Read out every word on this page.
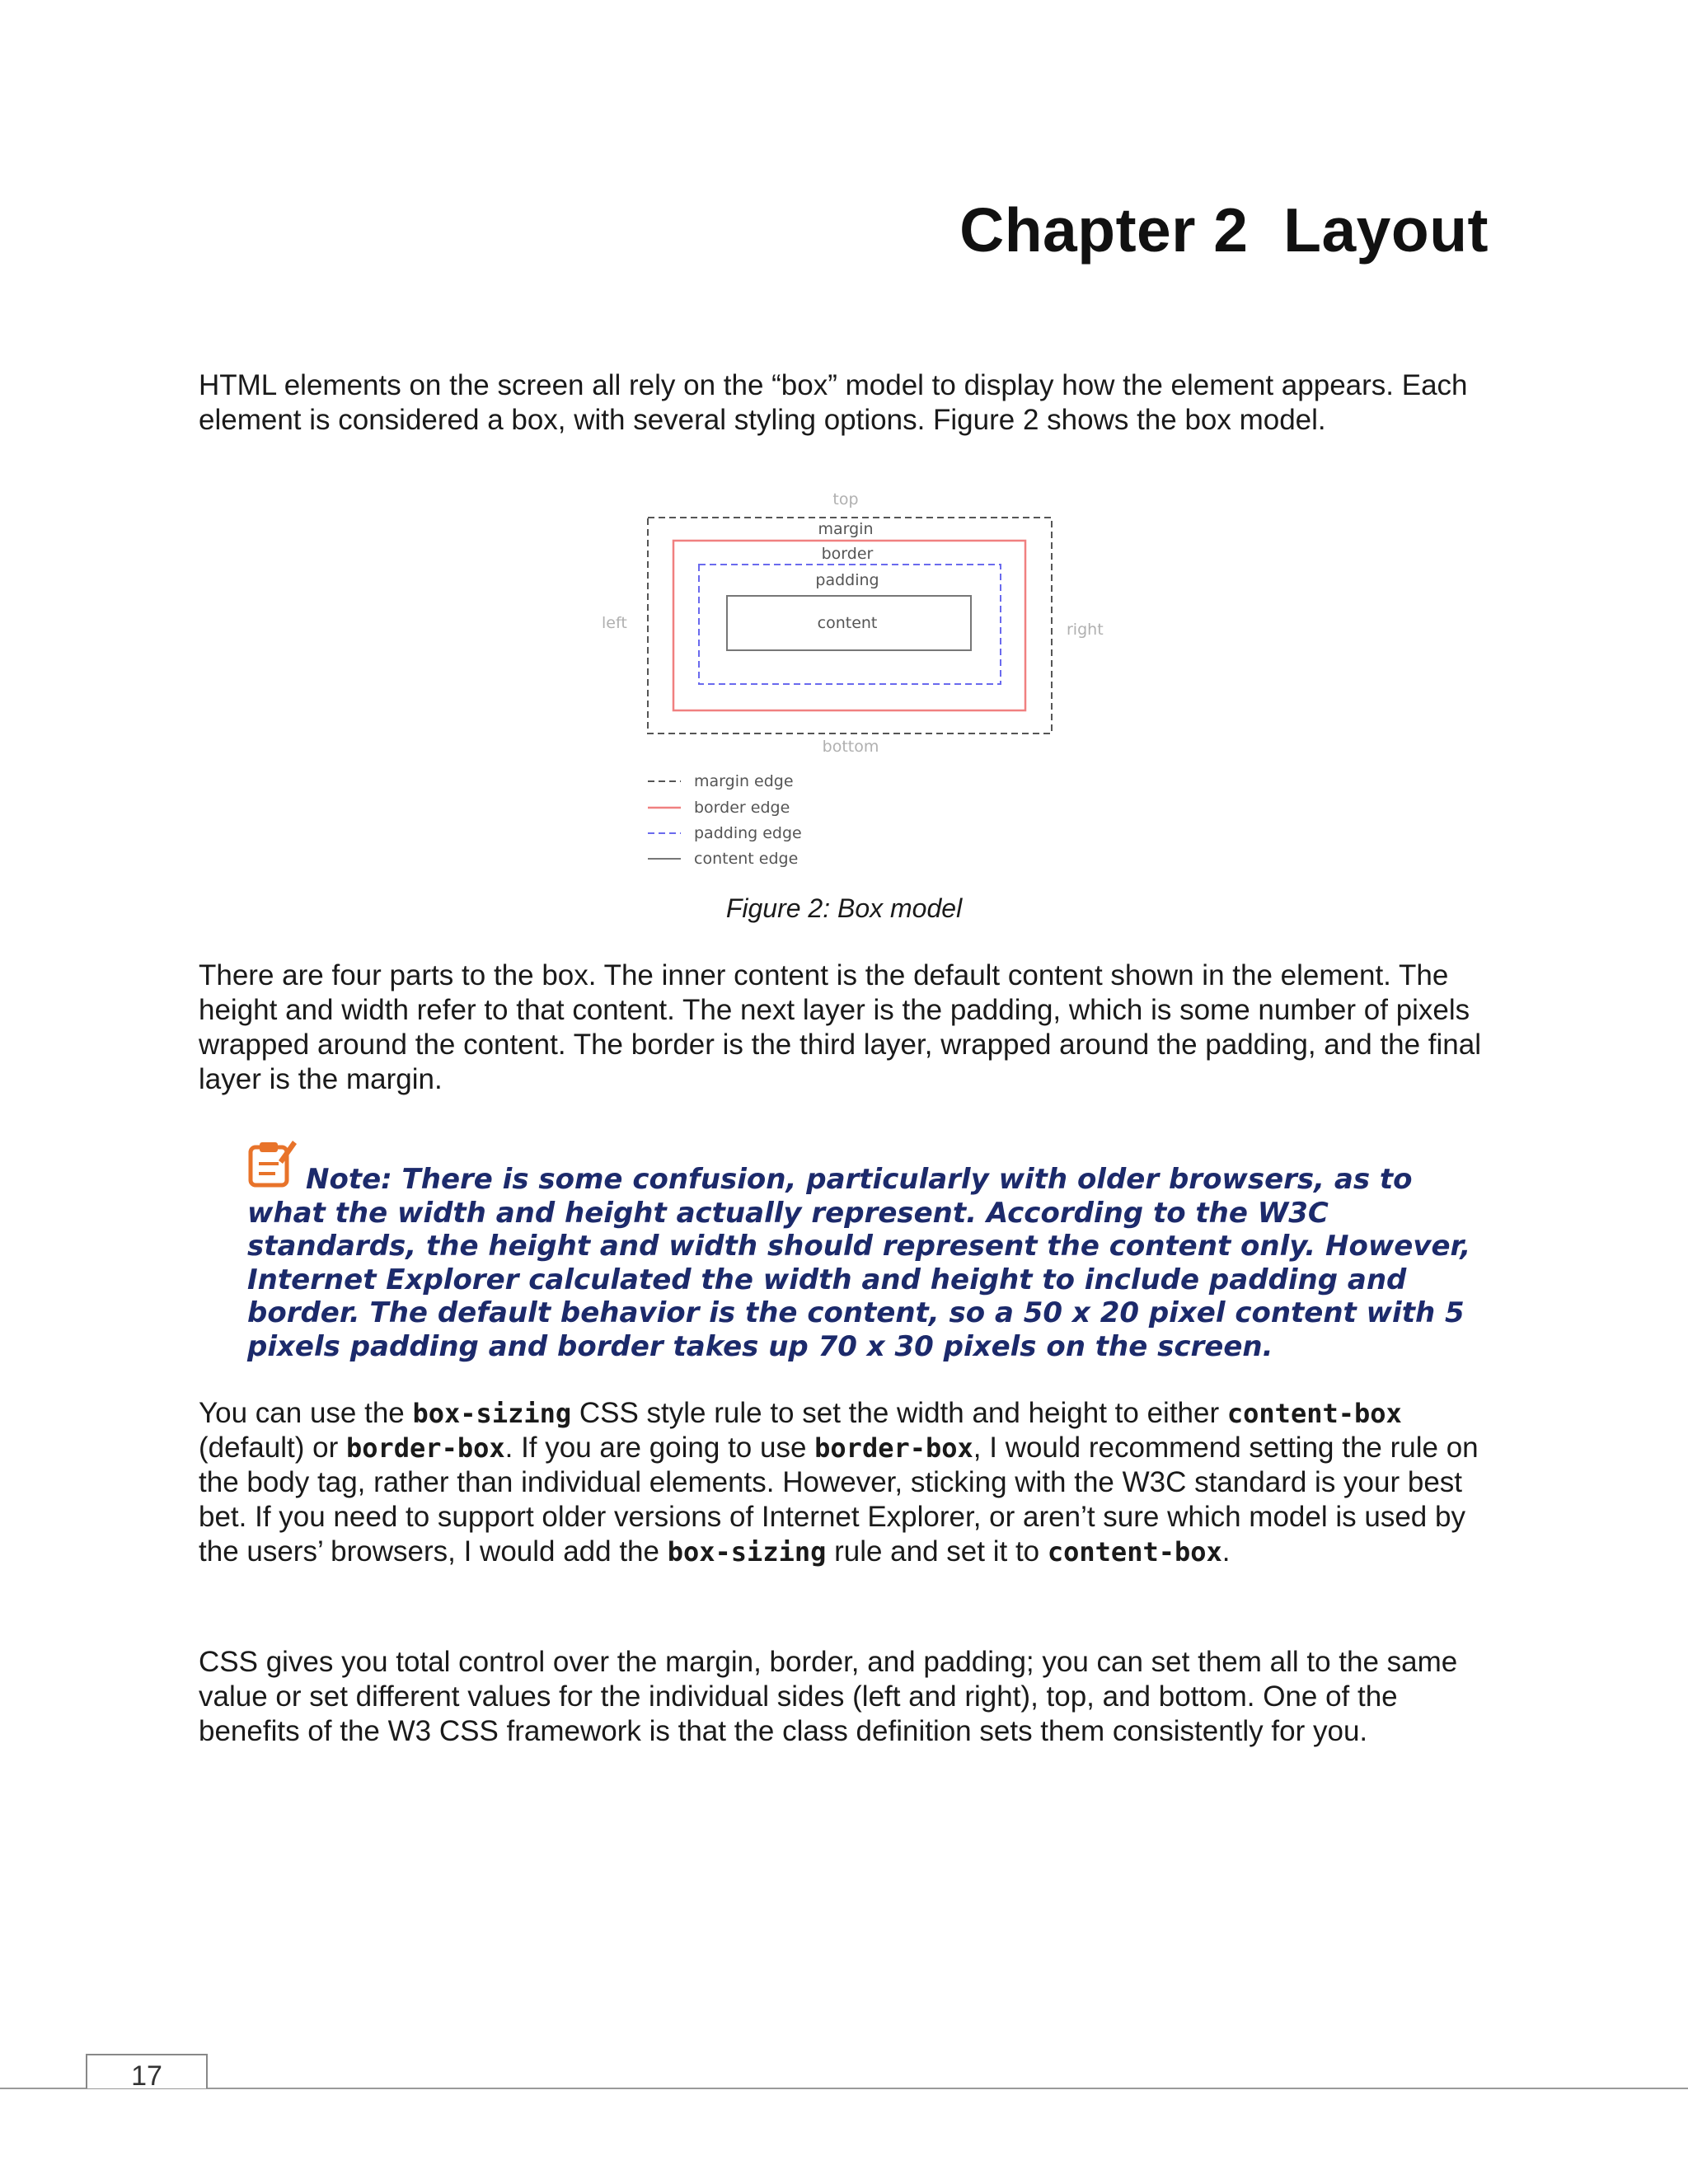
Chapter 2  Layout

HTML elements on the screen all rely on the “box” model to display how the element appears. Each element is considered a box, with several styling options. Figure 2 shows the box model.

top
margin
border
padding
content
left	right
bottom
margin edge
border edge
padding edge
content edge

Figure 2: Box model

There are four parts to the box. The inner content is the default content shown in the element. The height and width refer to that content. The next layer is the padding, which is some number of pixels wrapped around the content. The border is the third layer, wrapped around the padding, and the final layer is the margin.

Note: There is some confusion, particularly with older browsers, as to what the width and height actually represent. According to the W3C standards, the height and width should represent the content only. However, Internet Explorer calculated the width and height to include padding and border. The default behavior is the content, so a 50 x 20 pixel content with 5 pixels padding and border takes up 70 x 30 pixels on the screen.

You can use the box-sizing CSS style rule to set the width and height to either content-box (default) or border-box. If you are going to use border-box, I would recommend setting the rule on the body tag, rather than individual elements. However, sticking with the W3C standard is your best bet. If you need to support older versions of Internet Explorer, or aren’t sure which model is used by the users’ browsers, I would add the box-sizing rule and set it to content-box.

CSS gives you total control over the margin, border, and padding; you can set them all to the same value or set different values for the individual sides (left and right), top, and bottom. One of the benefits of the W3 CSS framework is that the class definition sets them consistently for you.

17
